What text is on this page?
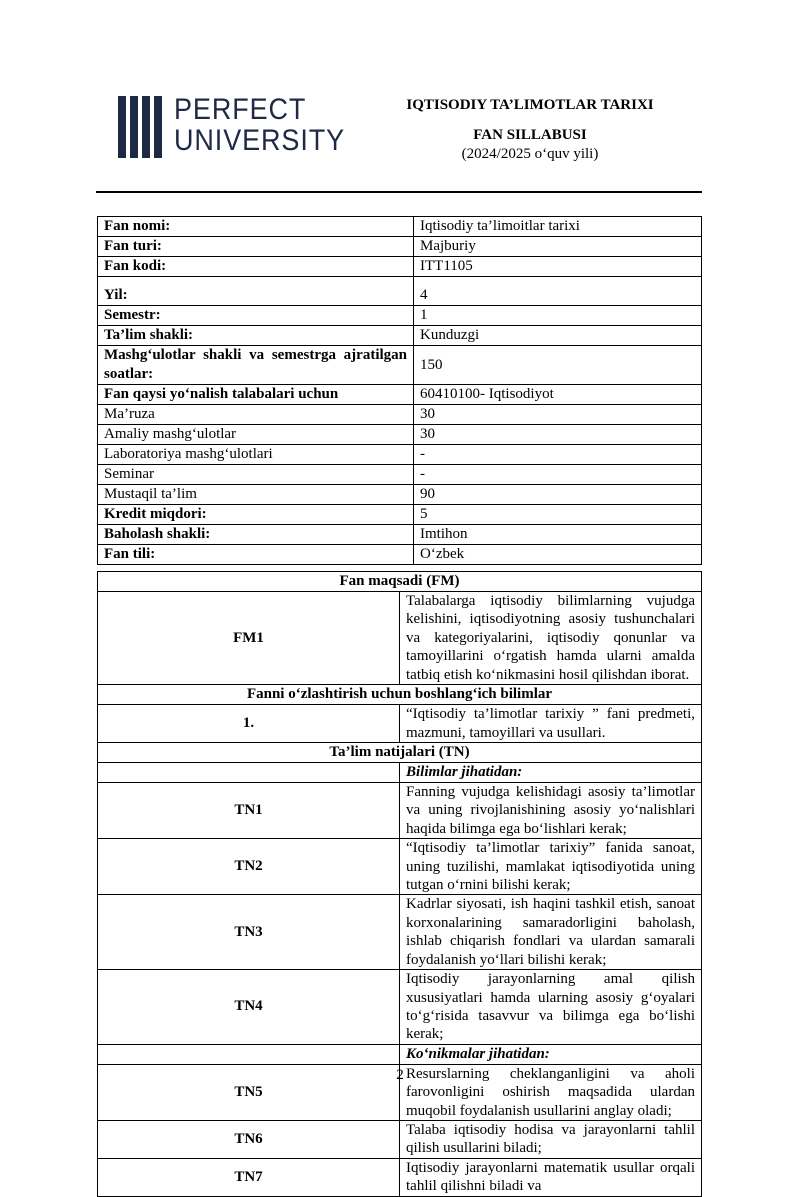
PERFECT
UNIVERSITY
IQTISODIY TA’LIMOTLAR TARIXI
FAN SILLABUSI
(2024/2025 o‘quv yili)
Fan nomi:	Iqtisodiy ta’limoitlar tarixi
Fan turi:	Majburiy
Fan kodi:	ITT1105
Yil:	4
Semestr:	1
Ta’lim shakli:	Kunduzgi
Mashg‘ulotlar shakli va semestrga ajratilgan soatlar:	150
Fan qaysi yo‘nalish talabalari uchun	60410100- Iqtisodiyot
Ma’ruza	30
Amaliy mashg‘ulotlar	30
Laboratoriya mashg‘ulotlari	-
Seminar	-
Mustaqil ta’lim	90
Kredit miqdori:	5
Baholash shakli:	Imtihon
Fan tili:	O‘zbek
Fan maqsadi (FM)	
FM1	Talabalarga iqtisodiy bilimlarning vujudga kelishini, iqtisodiyotning asosiy tushunchalari va kategoriyalarini, iqtisodiy qonunlar va tamoyillarini o‘rgatish hamda ularni amalda tatbiq etish ko‘nikmasini hosil qilishdan iborat.
Fanni o‘zlashtirish uchun boshlang‘ich bilimlar	
1.	“Iqtisodiy ta’limotlar tarixiy ” fani predmeti, mazmuni, tamoyillari va usullari.
Ta’lim natijalari (TN)	
	Bilimlar jihatidan:
TN1	Fanning vujudga kelishidagi asosiy ta’limotlar va uning rivojlanishining asosiy yo‘nalishlari haqida bilimga ega bo‘lishlari kerak;
TN2	“Iqtisodiy ta’limotlar tarixiy” fanida sanoat, uning tuzilishi, mamlakat iqtisodiyotida uning tutgan o‘rnini bilishi kerak;
TN3	Kadrlar siyosati, ish haqini tashkil etish, sanoat korxonalarining samaradorligini baholash, ishlab chiqarish fondlari va ulardan samarali foydalanish yo‘llari bilishi kerak;
TN4	Iqtisodiy jarayonlarning amal qilish xususiyatlari hamda ularning asosiy g‘oyalari to‘g‘risida tasavvur va bilimga ega bo‘lishi kerak;
	Ko‘nikmalar jihatidan:
TN5	Resurslarning cheklanganligini va aholi farovonligini oshirish maqsadida ulardan muqobil foydalanish usullarini anglay oladi;
TN6	Talaba iqtisodiy hodisa va jarayonlarni tahlil qilish usullarini biladi;
TN7	Iqtisodiy jarayonlarni matematik usullar orqali tahlil qilishni biladi va
2
